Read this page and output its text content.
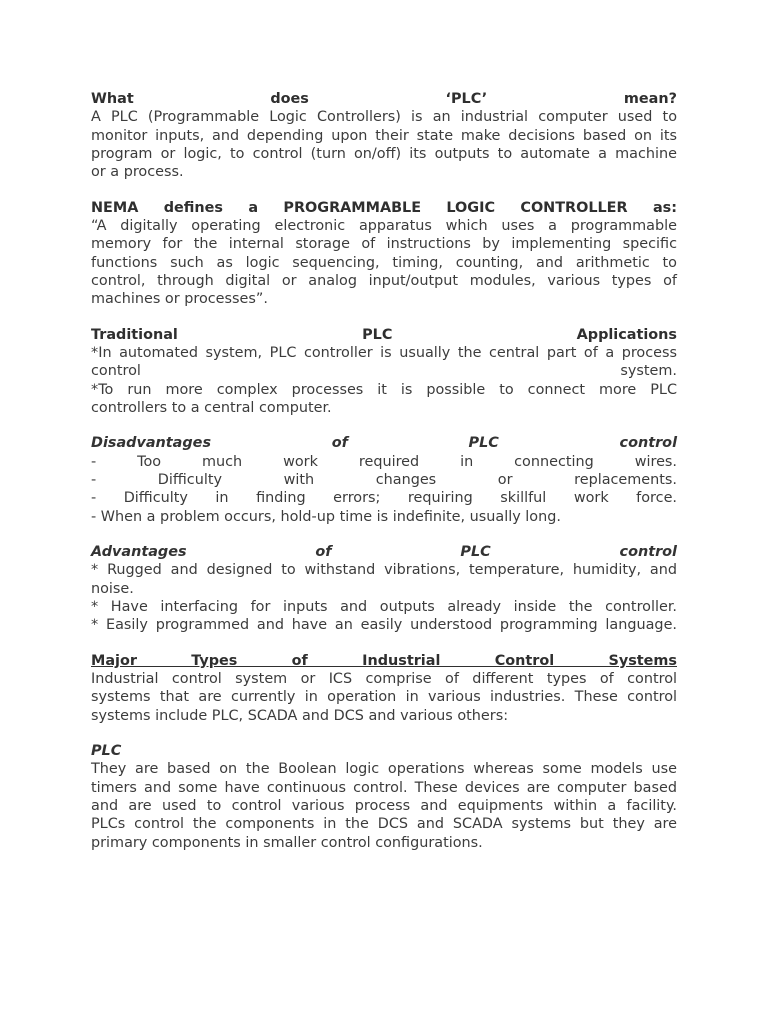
What does ‘PLC’ mean?
A PLC (Programmable Logic Controllers) is an industrial computer used to
monitor inputs, and depending upon their state make decisions based on its
program or logic, to control (turn on/off) its outputs to automate a machine
or a process.
NEMA defines a PROGRAMMABLE LOGIC CONTROLLER as:
“A digitally operating electronic apparatus which uses a programmable
memory for the internal storage of instructions by implementing specific
functions such as logic sequencing, timing, counting, and arithmetic to
control, through digital or analog input/output modules, various types of
machines or processes”.
Traditional PLC Applications
*In automated system, PLC controller is usually the central part of a process
control system.
*To run more complex processes it is possible to connect more PLC
controllers to a central computer.
Disadvantages of PLC control
- Too much work required in connecting wires.
- Difficulty with changes or replacements.
- Difficulty in finding errors; requiring skillful work force.
- When a problem occurs, hold-up time is indefinite, usually long.
Advantages of PLC control
* Rugged and designed to withstand vibrations, temperature, humidity, and
noise.
* Have interfacing for inputs and outputs already inside the controller.
* Easily programmed and have an easily understood programming language.
Major Types of Industrial Control Systems
Industrial control system or ICS comprise of different types of control
systems that are currently in operation in various industries. These control
systems include PLC, SCADA and DCS and various others:
PLC
They are based on the Boolean logic operations whereas some models use
timers and some have continuous control. These devices are computer based
and are used to control various process and equipments within a facility.
PLCs control the components in the DCS and SCADA systems but they are
primary components in smaller control configurations.
